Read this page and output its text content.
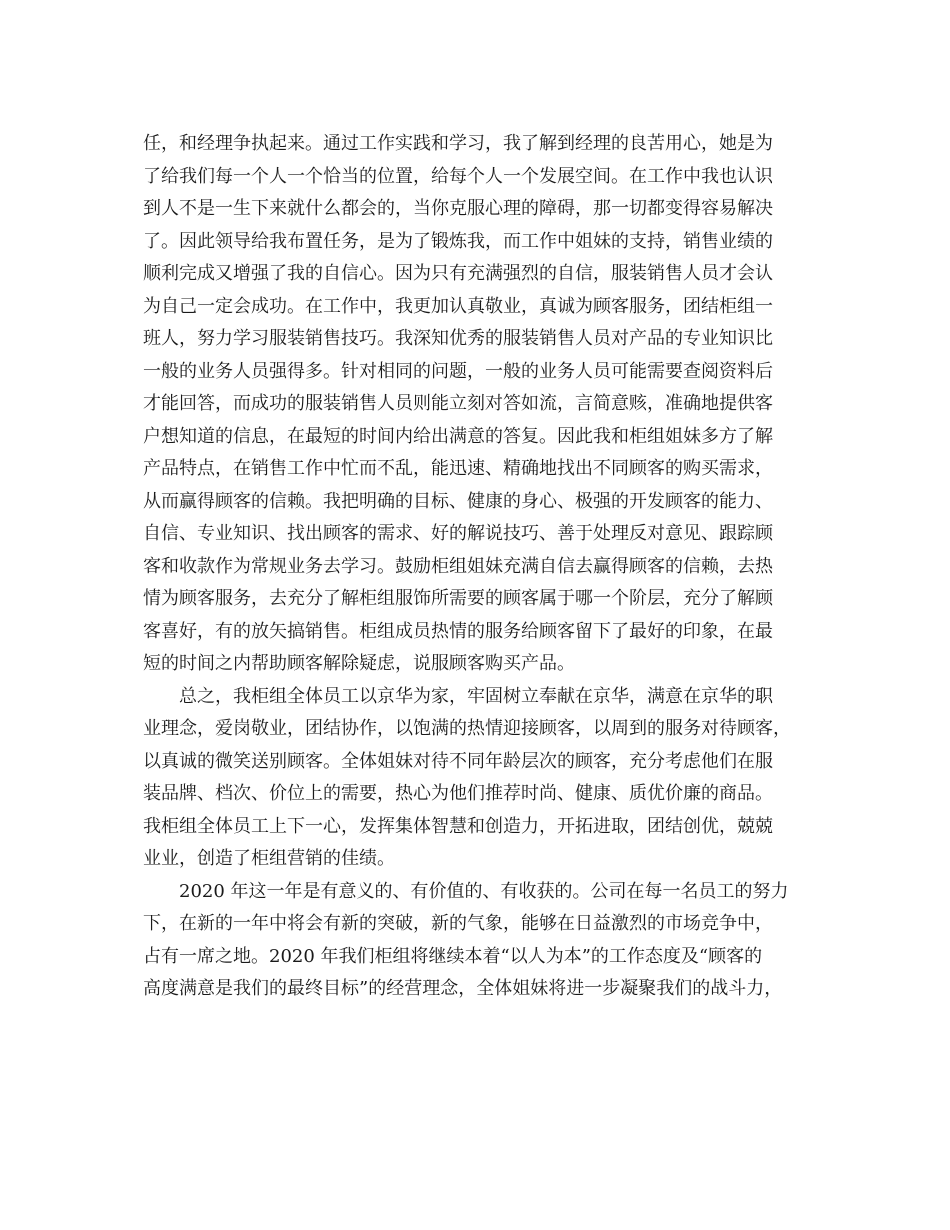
任，和经理争执起来。通过工作实践和学习，我了解到经理的良苦用心，她是为
了给我们每一个人一个恰当的位置，给每个人一个发展空间。在工作中我也认识
到人不是一生下来就什么都会的，当你克服心理的障碍，那一切都变得容易解决
了。因此领导给我布置任务，是为了锻炼我，而工作中姐妹的支持，销售业绩的
顺利完成又增强了我的自信心。因为只有充满强烈的自信，服装销售人员才会认
为自己一定会成功。在工作中，我更加认真敬业，真诚为顾客服务，团结柜组一
班人，努力学习服装销售技巧。我深知优秀的服装销售人员对产品的专业知识比
一般的业务人员强得多。针对相同的问题，一般的业务人员可能需要查阅资料后
才能回答，而成功的服装销售人员则能立刻对答如流，言简意赅，准确地提供客
户想知道的信息，在最短的时间内给出满意的答复。因此我和柜组姐妹多方了解
产品特点，在销售工作中忙而不乱，能迅速、精确地找出不同顾客的购买需求，
从而赢得顾客的信赖。我把明确的目标、健康的身心、极强的开发顾客的能力、
自信、专业知识、找出顾客的需求、好的解说技巧、善于处理反对意见、跟踪顾
客和收款作为常规业务去学习。鼓励柜组姐妹充满自信去赢得顾客的信赖，去热
情为顾客服务，去充分了解柜组服饰所需要的顾客属于哪一个阶层，充分了解顾
客喜好，有的放矢搞销售。柜组成员热情的服务给顾客留下了最好的印象，在最
短的时间之内帮助顾客解除疑虑，说服顾客购买产品。
总之，我柜组全体员工以京华为家，牢固树立奉献在京华，满意在京华的职
业理念，爱岗敬业，团结协作，以饱满的热情迎接顾客，以周到的服务对待顾客，
以真诚的微笑送别顾客。全体姐妹对待不同年龄层次的顾客，充分考虑他们在服
装品牌、档次、价位上的需要，热心为他们推荐时尚、健康、质优价廉的商品。
我柜组全体员工上下一心，发挥集体智慧和创造力，开拓进取，团结创优，兢兢
业业，创造了柜组营销的佳绩。
2020 年这一年是有意义的、有价值的、有收获的。公司在每一名员工的努力
下，在新的一年中将会有新的突破，新的气象，能够在日益激烈的市场竞争中，
占有一席之地。2020 年我们柜组将继续本着“以人为本”的工作态度及“顾客的
高度满意是我们的最终目标”的经营理念，全体姐妹将进一步凝聚我们的战斗力，
